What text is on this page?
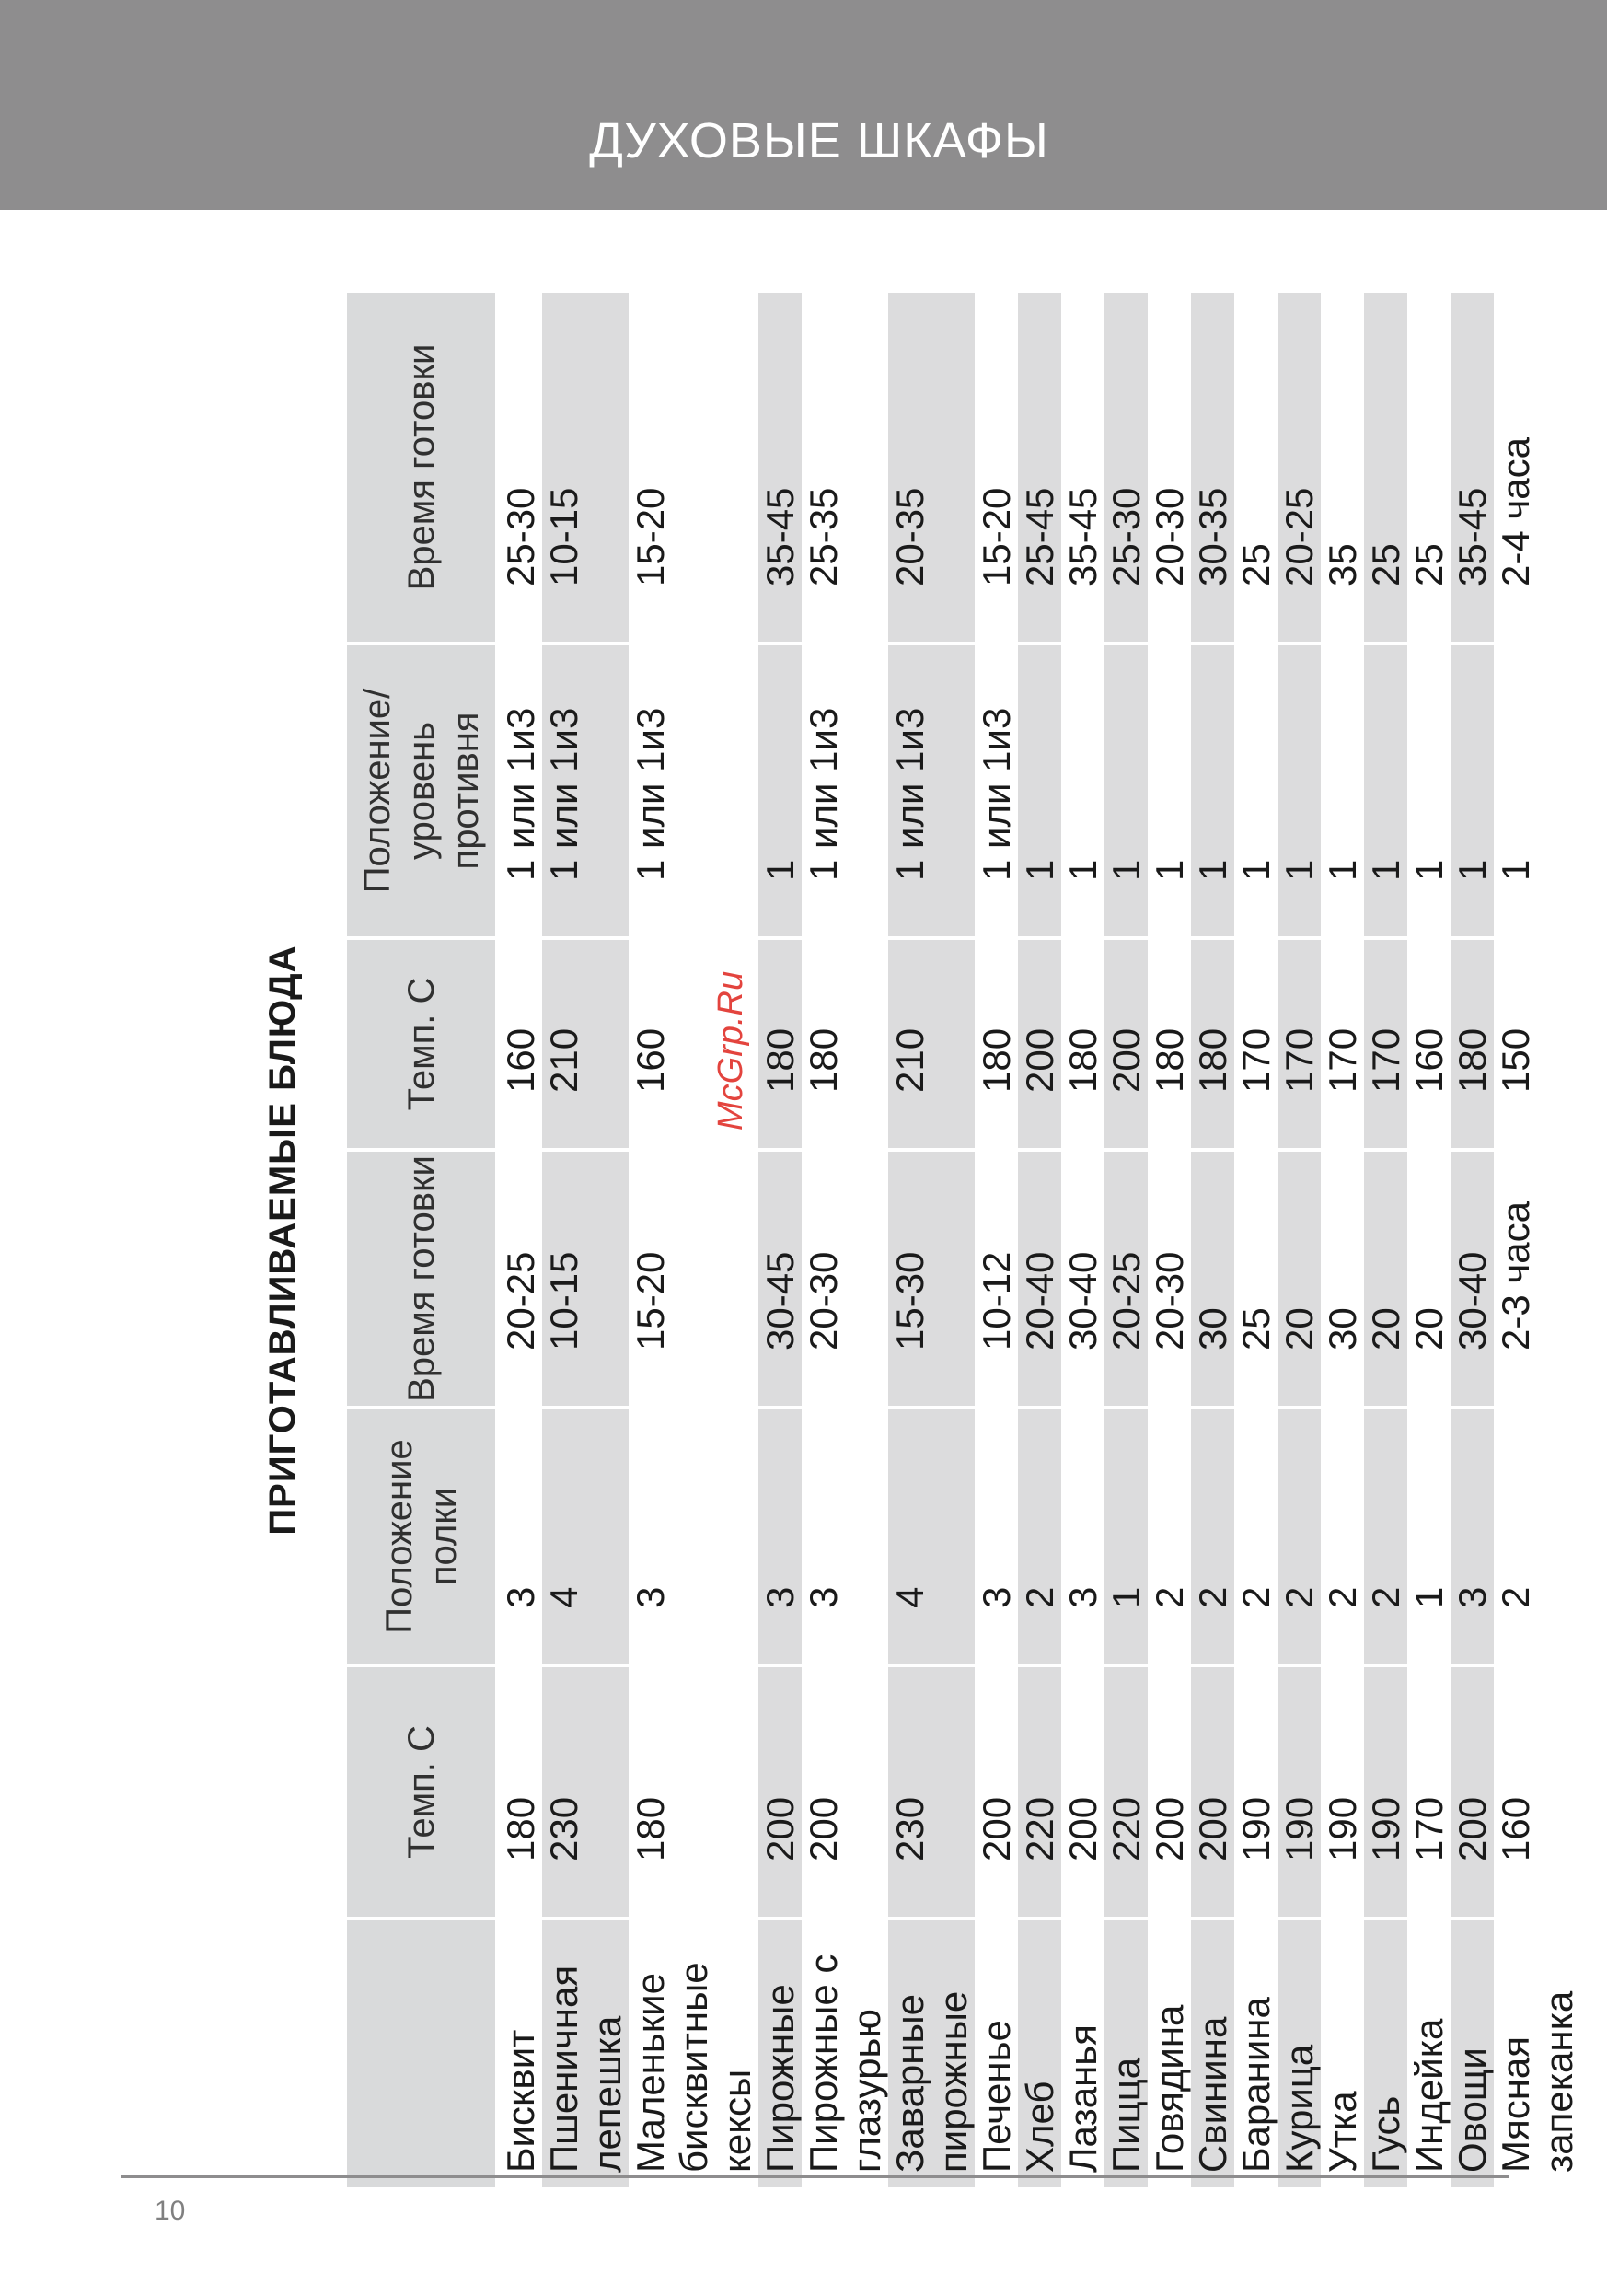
ДУХОВЫЕ ШКАФЫ
ПРИГОТАВЛИВАЕМЫЕ БЛЮДА
	Темп. С	Положение полки	Время готовки	Темп. С	Положение/ уровень противня	Время готовки

Бисквит	180	3	20-25	160	1 или 1и3	25-30
Пшеничная лепешка	230	4	10-15	210	1 или 1и3	10-15
Маленькие бисквитные кексы	180	3	15-20	160	1 или 1и3	15-20
Пирожные	200	3	30-45	180	1	35-45
Пирожные с глазурью	200	3	20-30	180	1 или 1и3	25-35
Заварные пирожные	230	4	15-30	210	1 или 1и3	20-35
Печенье	200	3	10-12	180	1 или 1и3	15-20
Хлеб	220	2	20-40	200	1	25-45
Лазанья	200	3	30-40	180	1	35-45
Пицца	220	1	20-25	200	1	25-30
Говядина	200	2	20-30	180	1	20-30
Свинина	200	2	30	180	1	30-35
Баранина	190	2	25	170	1	25
Курица	190	2	20	170	1	20-25
Утка	190	2	30	170	1	35
Гусь	190	2	20	170	1	25
Индейка	170	1	20	160	1	25
Овощи	200	3	30-40	180	1	35-45
Мясная запеканка	160	2	2-3 часа	150	1	2-4 часа
McGrp.Ru
10
